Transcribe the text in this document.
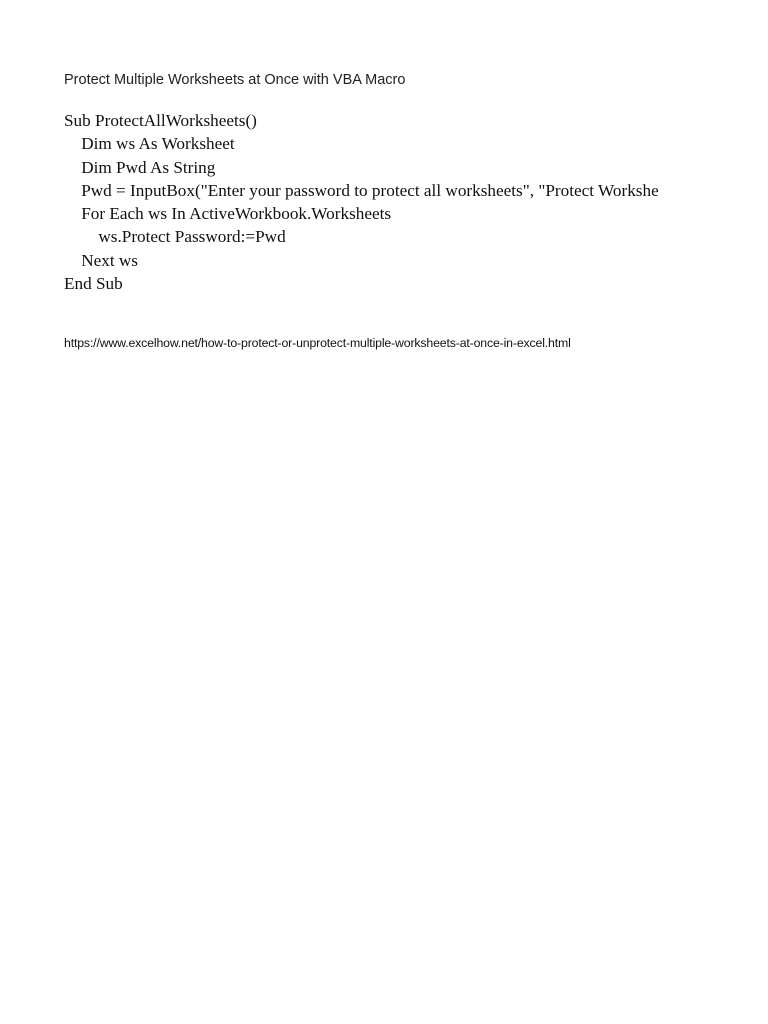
Protect Multiple Worksheets at Once with VBA Macro
Sub ProtectAllWorksheets()
Dim ws As Worksheet
Dim Pwd As String
Pwd = InputBox("Enter your password to protect all worksheets", "Protect Workshe
For Each ws In ActiveWorkbook.Worksheets
ws.Protect Password:=Pwd
Next ws
End Sub
https://www.excelhow.net/how-to-protect-or-unprotect-multiple-worksheets-at-once-in-excel.html
